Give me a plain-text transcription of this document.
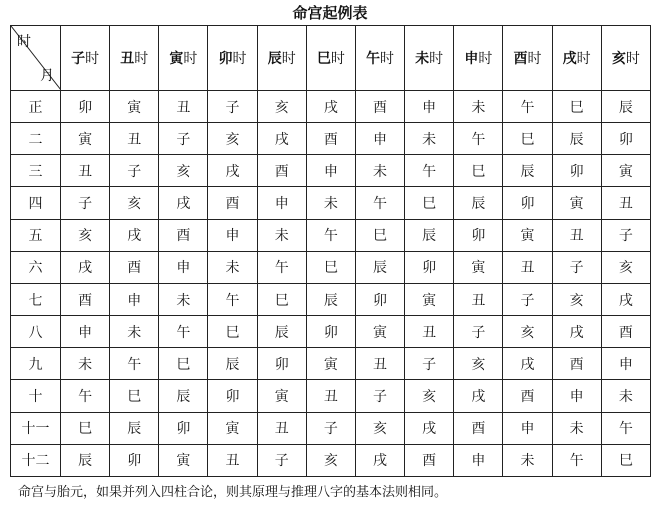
命宫起例表
时
月	子时	丑时	寅时	卯时	辰时	巳时	午时	未时	申时	酉时	戌时	亥时
正	卯	寅	丑	子	亥	戌	酉	申	未	午	巳	辰
二	寅	丑	子	亥	戌	酉	申	未	午	巳	辰	卯
三	丑	子	亥	戌	酉	申	未	午	巳	辰	卯	寅
四	子	亥	戌	酉	申	未	午	巳	辰	卯	寅	丑
五	亥	戌	酉	申	未	午	巳	辰	卯	寅	丑	子
六	戌	酉	申	未	午	巳	辰	卯	寅	丑	子	亥
七	酉	申	未	午	巳	辰	卯	寅	丑	子	亥	戌
八	申	未	午	巳	辰	卯	寅	丑	子	亥	戌	酉
九	未	午	巳	辰	卯	寅	丑	子	亥	戌	酉	申
十	午	巳	辰	卯	寅	丑	子	亥	戌	酉	申	未
十一	巳	辰	卯	寅	丑	子	亥	戌	酉	申	未	午
十二	辰	卯	寅	丑	子	亥	戌	酉	申	未	午	巳
命宫与胎元，如果并列入四柱合论，则其原理与推理八字的基本法则相同。
